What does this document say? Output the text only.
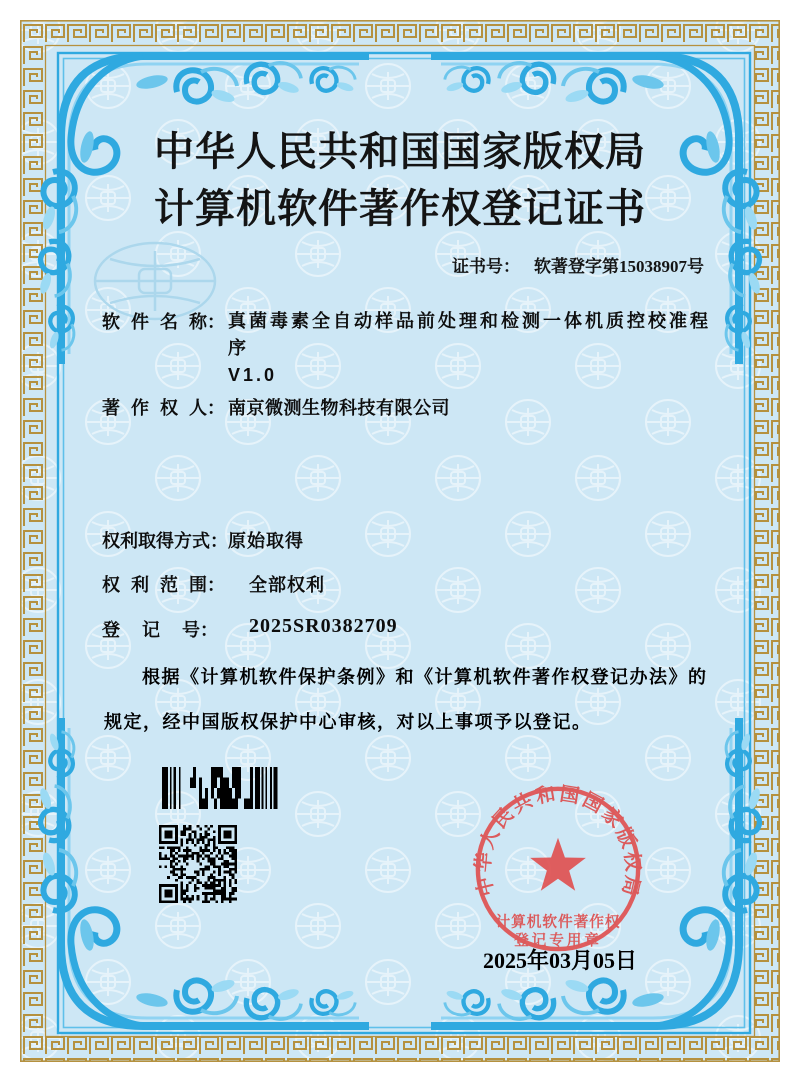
中华人民共和国国家版权局
计算机软件著作权登记证书
证书号： 软著登字第15038907号
软 件 名 称： 真菌毒素全自动样品前处理和检测一体机质控校准程序
V1.0
著 作 权 人： 南京微测生物科技有限公司
权利取得方式： 原始取得
权 利 范 围： 全部权利
登  记  号： 2025SR0382709
根据《计算机软件保护条例》和《计算机软件著作权登记办法》的规定，经中国版权保护中心审核，对以上事项予以登记。
中华人民共和国国家版权局
计算机软件著作权
登记专用章
2025年03月05日
